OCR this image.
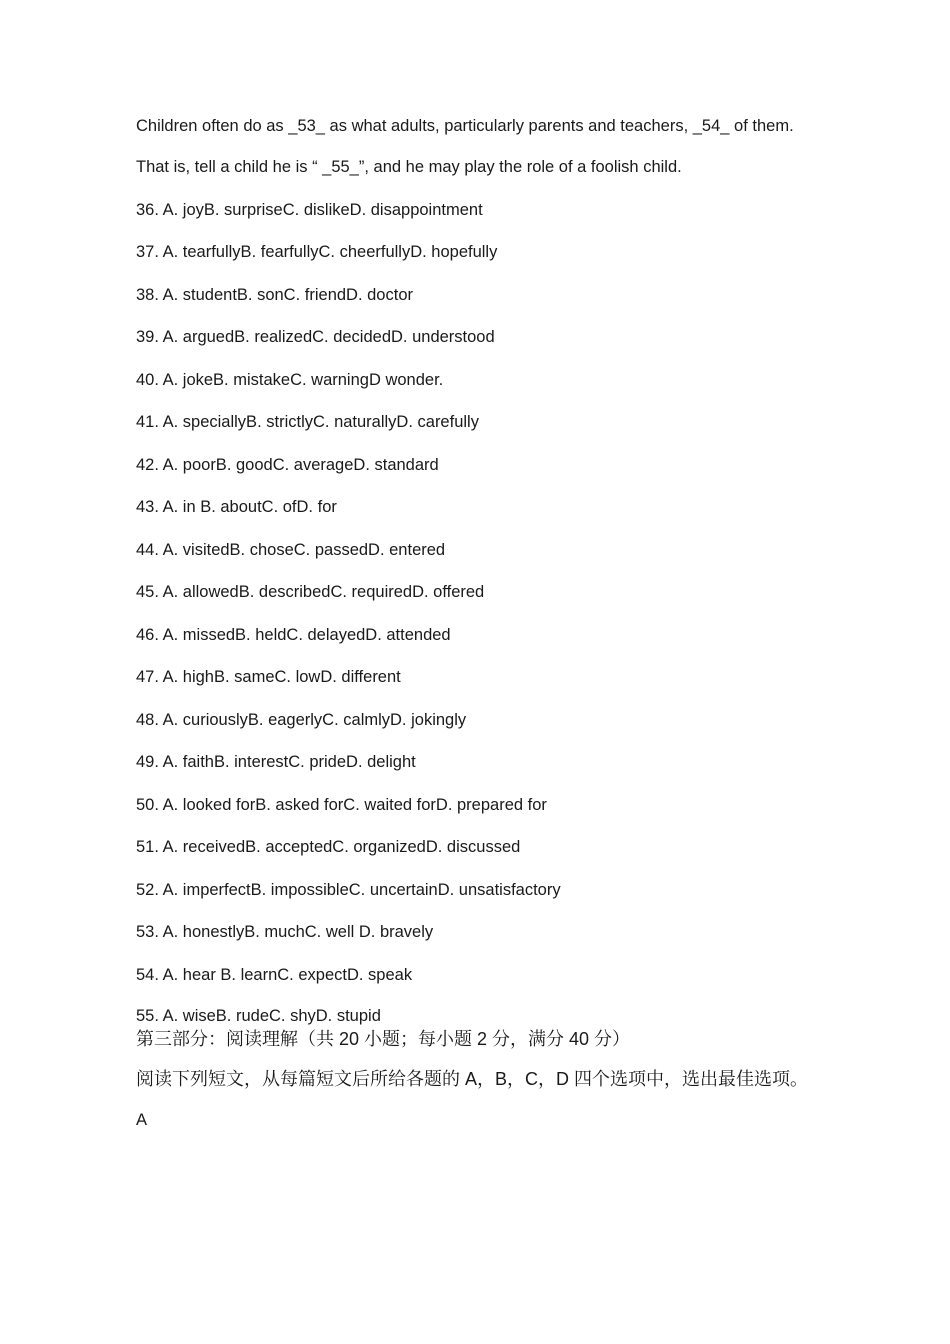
Children often do as _53_ as what adults, particularly parents and teachers, _54_ of them.

That is, tell a child he is “ _55_”, and he may play the role of a foolish child.

36. A. joyB. surpriseC. dislikeD. disappointment

37. A. tearfullyB. fearfullyC. cheerfullyD. hopefully

38. A. studentB. sonC. friendD. doctor

39. A. arguedB. realizedC. decidedD. understood

40. A. jokeB. mistakeC. warningD wonder.

41. A. speciallyB. strictlyC. naturallyD. carefully

42. A. poorB. goodC. averageD. standard

43. A. in B. aboutC. ofD. for

44. A. visitedB. choseC. passedD. entered

45. A. allowedB. describedC. requiredD. offered

46. A. missedB. heldC. delayedD. attended

47. A. highB. sameC. lowD. different

48. A. curiouslyB. eagerlyC. calmlyD. jokingly

49. A. faithB. interestC. prideD. delight

50. A. looked forB. asked forC. waited forD. prepared for

51. A. receivedB. acceptedC. organizedD. discussed

52. A. imperfectB. impossibleC. uncertainD. unsatisfactory

53. A. honestlyB. muchC. well D. bravely

54. A. hear B. learnC. expectD. speak

55. A. wiseB. rudeC. shyD. stupid

第三部分：阅读理解（共 20 小题；每小题 2 分，满分 40 分）

阅读下列短文，从每篇短文后所给各题的 A，B，C，D 四个选项中，选出最佳选项。

A
